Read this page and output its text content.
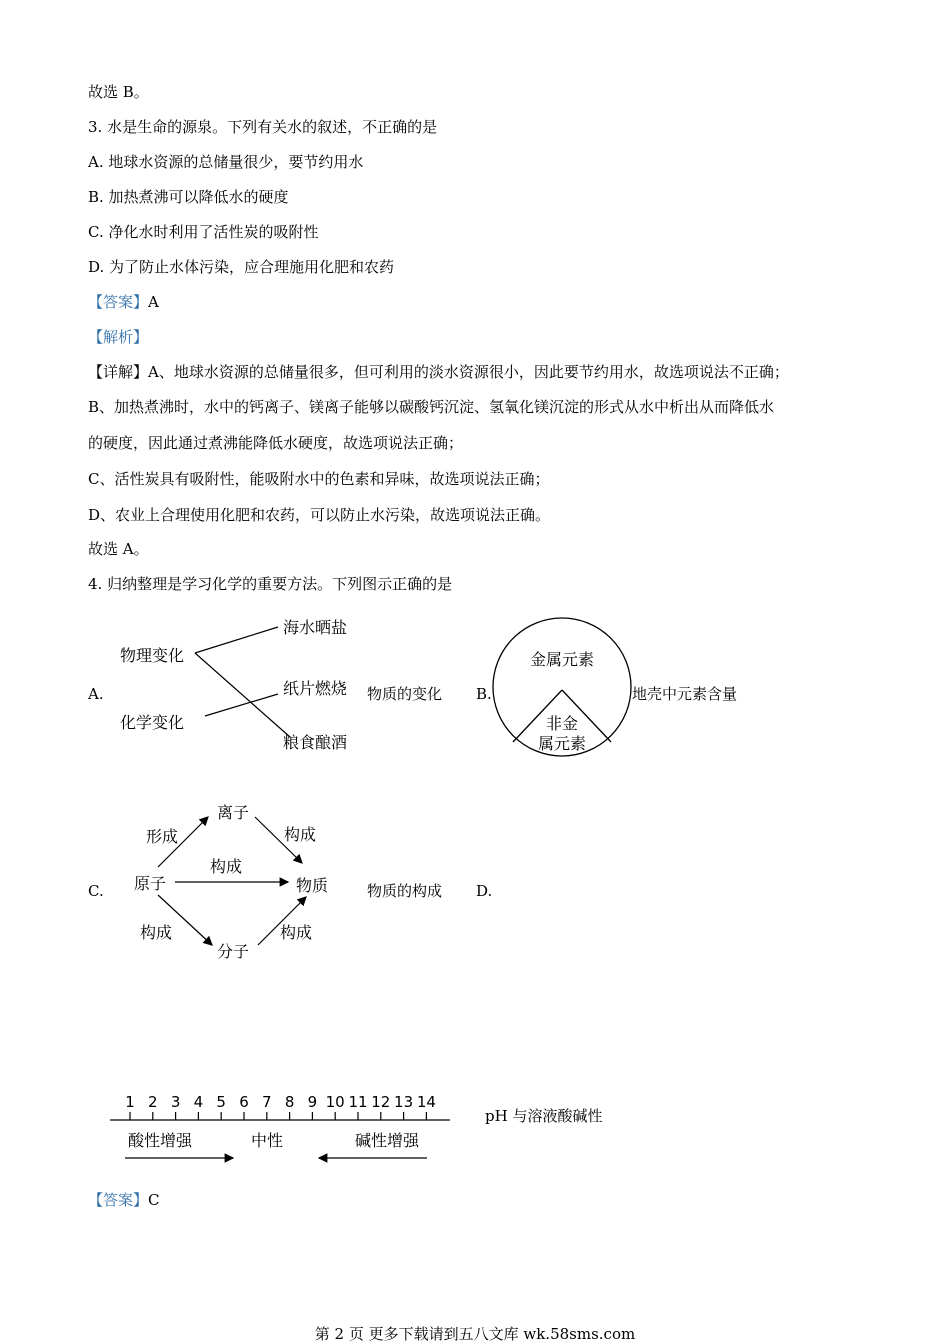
故选 B。
3. 水是生命的源泉。下列有关水的叙述，不正确的是
A. 地球水资源的总储量很少，要节约用水
B. 加热煮沸可以降低水的硬度
C. 净化水时利用了活性炭的吸附性
D. 为了防止水体污染，应合理施用化肥和农药
【答案】A
【解析】
【详解】A、地球水资源的总储量很多，但可利用的淡水资源很小，因此要节约用水，故选项说法不正确；
B、加热煮沸时，水中的钙离子、镁离子能够以碳酸钙沉淀、氢氧化镁沉淀的形式从水中析出从而降低水
的硬度，因此通过煮沸能降低水硬度，故选项说法正确；
C、活性炭具有吸附性，能吸附水中的色素和异味，故选项说法正确；
D、农业上合理使用化肥和农药，可以防止水污染，故选项说法正确。
故选 A。
4. 归纳整理是学习化学的重要方法。下列图示正确的是
A.
物理变化
化学变化
海水晒盐
纸片燃烧
粮食酿酒
物质的变化 B.
金属元素
非金
属元素
地壳中元素含量
C.
离子
原子	物质
分子
形成	构成
构成
构成	构成
物质的构成 D.
1 2 3 4 5 6 7 8 9 10 11 12 13 14
酸性增强	中性	碱性增强
pH 与溶液酸碱性
【答案】C
第 2 页 更多下载请到五八文库 wk.58sms.com
